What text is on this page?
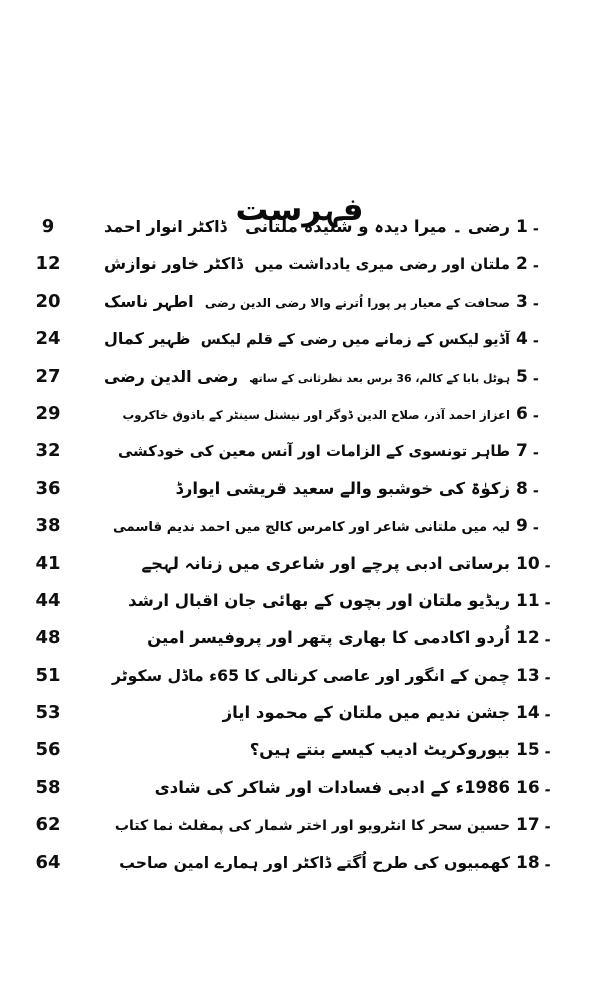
فہرست	1 ۔
رضی ۔ میرا دیدہ و شنیدہ ملتانی
ڈاکٹر انوار احمد
9
2 ۔
ملتان اور رضی میری یادداشت میں
ڈاکٹر خاور نوازش
12
3 ۔
صحافت کے معیار پر پورا اُترنے والا رضی الدین رضی
اطہر ناسک
20
4 ۔
آڈیو لیکس کے زمانے میں رضی کے قلم لیکس
ظہیر کمال
24
5 ۔
ہوٹل بابا کے کالم، 36 برس بعد نظرثانی کے ساتھ
رضی الدین رضی
27
6 ۔
اعزاز احمد آذر، صلاح الدین ڈوگر اور نیشنل سینٹر کے باذوق خاکروب
29
7 ۔
طاہر تونسوی کے الزامات اور آنس معین کی خودکشی
32
8 ۔
زکوٰۃ کی خوشبو والے سعید قریشی ایوارڈ
36
9 ۔
لیہ میں ملتانی شاعر اور کامرس کالج میں احمد ندیم قاسمی
38
10 ۔
برساتی ادبی پرچے اور شاعری میں زنانہ لہجے
41
11 ۔
ریڈیو ملتان اور بچوں کے بھائی جان اقبال ارشد
44
12 ۔
اُردو اکادمی کا بھاری پتھر اور پروفیسر امین
48
13 ۔
چمن کے انگور اور عاصی کرنالی کا 65ء ماڈل سکوٹر
51
14 ۔
جشن ندیم میں ملتان کے محمود ایاز
53
15 ۔
بیوروکریٹ ادیب کیسے بنتے ہیں؟
56
16 ۔
1986ء کے ادبی فسادات اور شاکر کی شادی
58
17 ۔
حسین سحر کا انٹرویو اور اختر شمار کی پمفلٹ نما کتاب
62
18 ۔
کھمبیوں کی طرح اُگتے ڈاکٹر اور ہمارے امین صاحب
64
